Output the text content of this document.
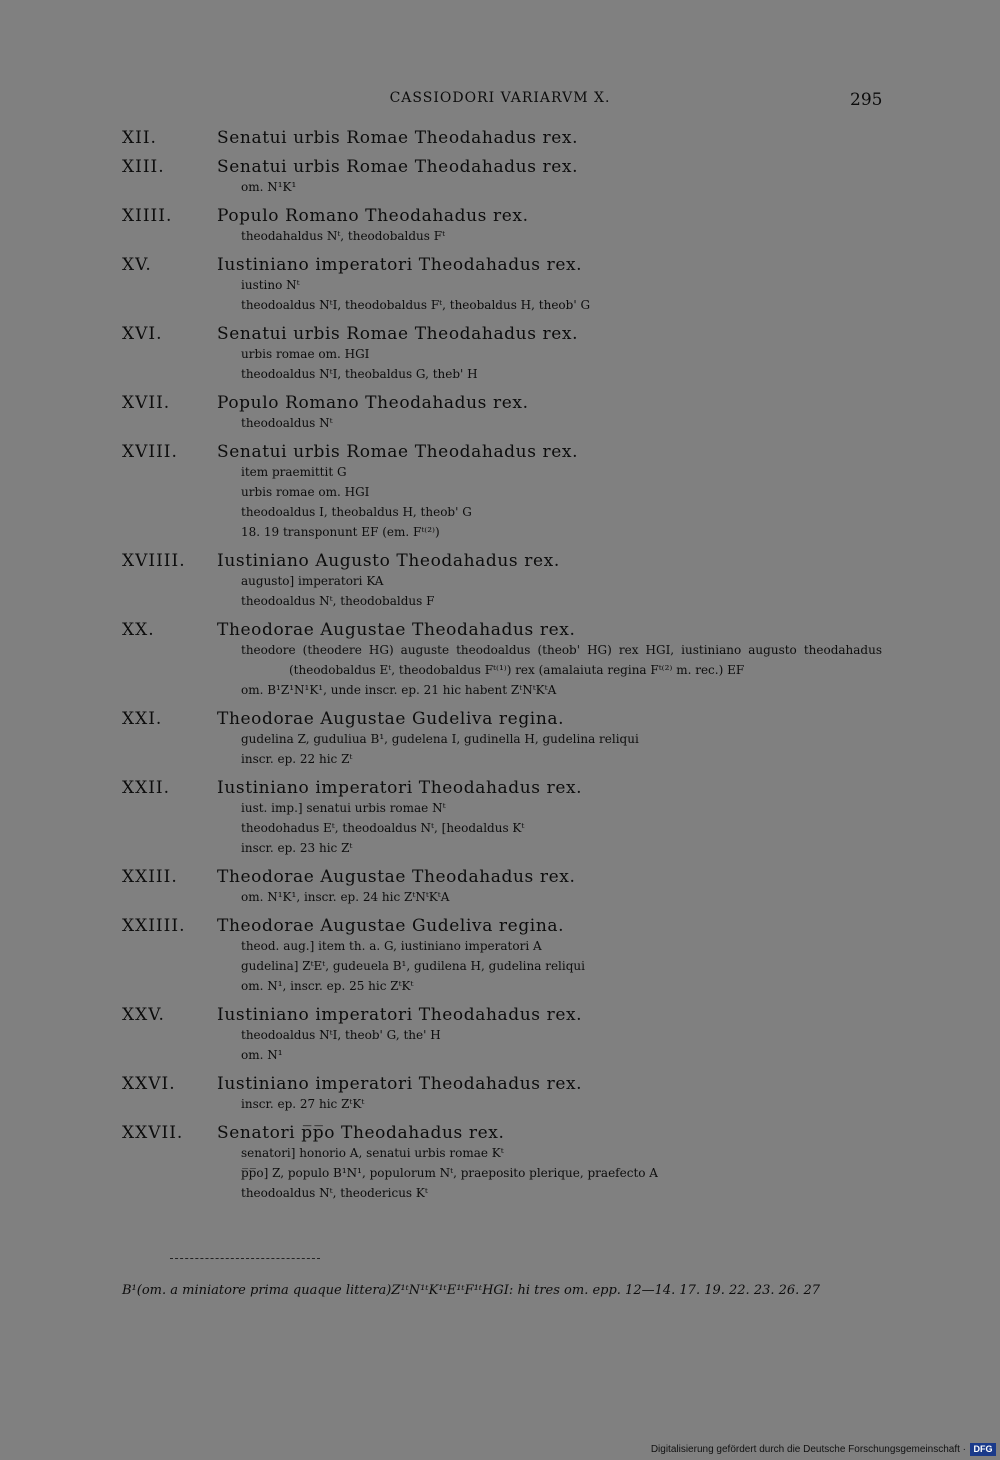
CASSIODORI VARIARVM X.	295
XII.	Senatui urbis Romae Theodahadus rex.
XIII.	Senatui urbis Romae Theodahadus rex.
om. N¹K¹
XIIII.	Populo Romano Theodahadus rex.
theodahaldus Nᵗ, theodobaldus Fᵗ
XV.	Iustiniano imperatori Theodahadus rex.
iustino Nᵗ
theodoaldus NᵗI, theodobaldus Fᵗ, theobaldus H, theob' G
XVI.	Senatui urbis Romae Theodahadus rex.
urbis romae om. HGI
theodoaldus NᵗI, theobaldus G, theb' H
XVII.	Populo Romano Theodahadus rex.
theodoaldus Nᵗ
XVIII.	Senatui urbis Romae Theodahadus rex.
item praemittit G
urbis romae om. HGI
theodoaldus I, theobaldus H, theob' G
18. 19 transponunt EF (em. Fᵗ⁽²⁾)
XVIIII.	Iustiniano Augusto Theodahadus rex.
augusto] imperatori KA
theodoaldus Nᵗ, theodobaldus F
XX.	Theodorae Augustae Theodahadus rex.
theodore (theodere HG) auguste theodoaldus (theob' HG) rex HGI, iustiniano augusto theodahadus (theodobaldus Eᵗ, theodobaldus Fᵗ⁽¹⁾) rex (amalaiuta regina Fᵗ⁽²⁾ m. rec.) EF
om. B¹Z¹N¹K¹, unde inscr. ep. 21 hic habent ZᵗNᵗKᵗA
XXI.	Theodorae Augustae Gudeliva regina.
gudelina Z, guduliua B¹, gudelena I, gudinella H, gudelina reliqui
inscr. ep. 22 hic Zᵗ
XXII.	Iustiniano imperatori Theodahadus rex.
iust. imp.] senatui urbis romae Nᵗ
theodohadus Eᵗ, theodoaldus Nᵗ, [heodaldus Kᵗ
inscr. ep. 23 hic Zᵗ
XXIII.	Theodorae Augustae Theodahadus rex.
om. N¹K¹, inscr. ep. 24 hic ZᵗNᵗKᵗA
XXIIII.	Theodorae Augustae Gudeliva regina.
theod. aug.] item th. a. G, iustiniano imperatori A
gudelina] ZᵗEᵗ, gudeuela B¹, gudilena H, gudelina reliqui
om. N¹, inscr. ep. 25 hic ZᵗKᵗ
XXV.	Iustiniano imperatori Theodahadus rex.
theodoaldus NᵗI, theob' G, the' H
om. N¹
XXVI.	Iustiniano imperatori Theodahadus rex.
inscr. ep. 27 hic ZᵗKᵗ
XXVII.	Senatori p̅p̅o Theodahadus rex.
senatori] honorio A, senatui urbis romae Kᵗ
p̅p̅o] Z, populo B¹N¹, populorum Nᵗ, praeposito plerique, praefecto A
theodoaldus Nᵗ, theodericus Kᵗ
B¹(om. a miniatore prima quaque littera)Z¹ᵗN¹ᵗK¹ᵗE¹ᵗF¹ᵗHGI: hi tres om. epp. 12—14. 17. 19. 22. 23. 26. 27
Digitalisierung gefördert durch die Deutsche Forschungsgemeinschaft · DFG
